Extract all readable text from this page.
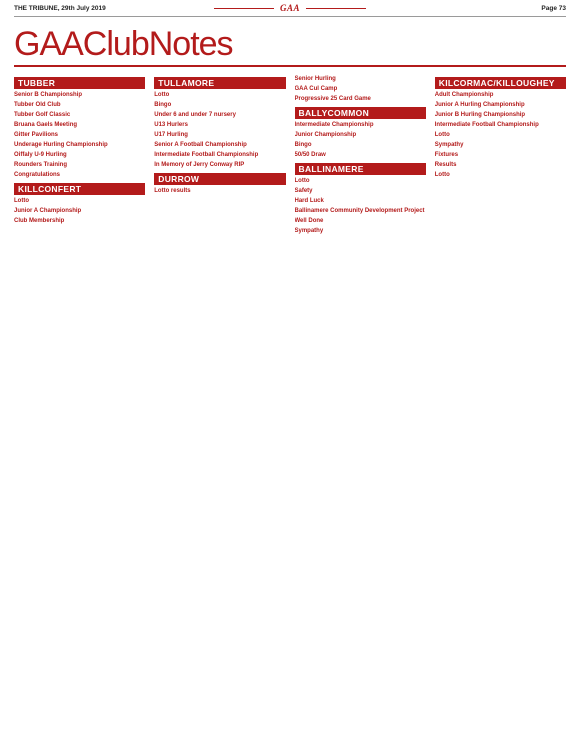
THE TRIBUNE, 29th July 2019	GAA	Page 73
GAAClubNotes
TUBBER
Senior B Championship

Tubber Old Club

Tubber Golf Classic

Bruana Gaels Meeting

Gitter Pavilions

Underage Hurling Championship

Oiffaly U-9 Hurling

Rounders Training

Congratulations

KILLCONFERT
Lotto

Junior A Championship

Club Membership

TULLAMORE
Lotto

Bingo

Under 6 and under 7 nursery

U13 Hurlers

U17 Hurling

Senior A Football Championship

Intermediate Football Championship

In Memory of Jerry Conway RIP

DURROW
Lotto results

Senior Hurling

GAA Cul Camp

Progressive 25 Card Game

BALLYCOMMON
Intermediate Championship

Junior Championship

Bingo

50/50 Draw

BALLINAMERE
Lotto

Safety

Hard Luck

Ballinamere Community Development Project

Well Done

Sympathy

KILCORMAC/KILLOUGHEY
Adult Championship

Junior A Hurling Championship

Junior B Hurling Championship

Intermediate Football Championship

Lotto

Sympathy

Fixtures

Results

Lotto
